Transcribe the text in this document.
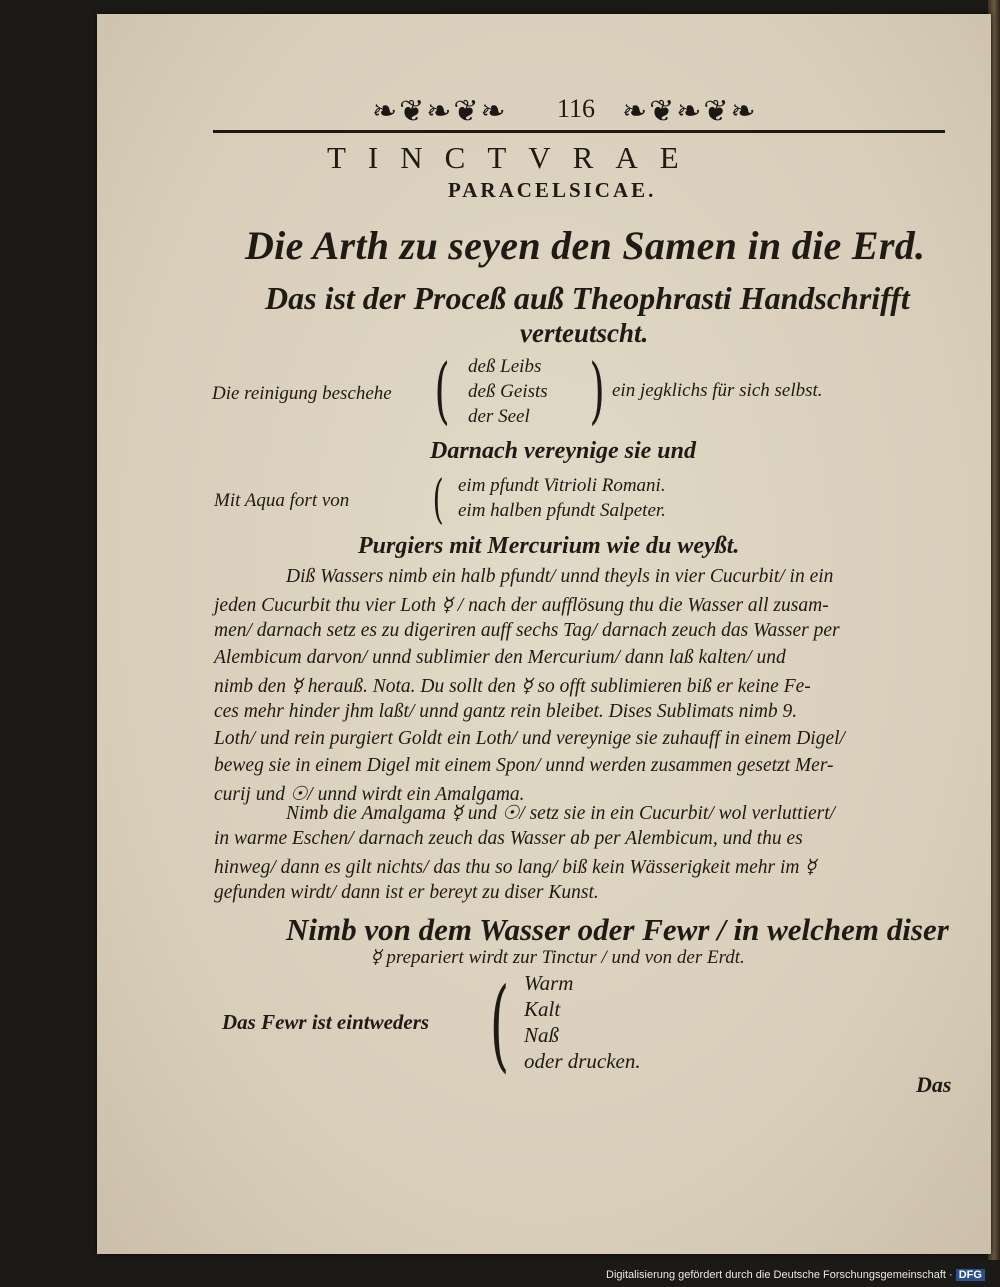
❧❦❧❦❧ 116 ❧❦❧❦❧
TINCTVRAE
PARACELSICAE.
Die Arth zu seyen den Samen in die Erd.
Das ist der Proceß auß Theophrasti Handschrifft
verteutscht.
Die reinigung beschehe ( deß Leibs
deß Geists
der Seel ) ein jegklichs für sich selbst.
Darnach vereynige sie und
Mit Aqua fort von ( eim pfundt Vitrioli Romani.
eim halben pfundt Salpeter.
Purgiers mit Mercurium wie du weyßt.
Diß Wassers nimb ein halb pfundt/ unnd theyls in vier Cucurbit/ in ein
jeden Cucurbit thu vier Loth ☿ / nach der aufflösung thu die Wasser all zusam-
men/ darnach setz es zu digeriren auff sechs Tag/ darnach zeuch das Wasser per
Alembicum darvon/ unnd sublimier den Mercurium/ dann laß kalten/ und
nimb den ☿ herauß. Nota. Du sollt den ☿ so offt sublimieren biß er keine Fe-
ces mehr hinder jhm laßt/ unnd gantz rein bleibet. Dises Sublimats nimb 9.
Loth/ und rein purgiert Goldt ein Loth/ und vereynige sie zuhauff in einem Digel/
beweg sie in einem Digel mit einem Spon/ unnd werden zusammen gesetzt Mer-
curij und ☉/ unnd wirdt ein Amalgama.
Nimb die Amalgama ☿ und ☉/ setz sie in ein Cucurbit/ wol verluttiert/
in warme Eschen/ darnach zeuch das Wasser ab per Alembicum, und thu es
hinweg/ dann es gilt nichts/ das thu so lang/ biß kein Wässerigkeit mehr im ☿
gefunden wirdt/ dann ist er bereyt zu diser Kunst.
Nimb von dem Wasser oder Fewr / in welchem diser
☿ prepariert wirdt zur Tinctur / und von der Erdt.
Das Fewr ist eintweders ( Warm
Kalt
Naß
oder drucken.
Das
Digitalisierung gefördert durch die Deutsche Forschungsgemeinschaft · DFG
